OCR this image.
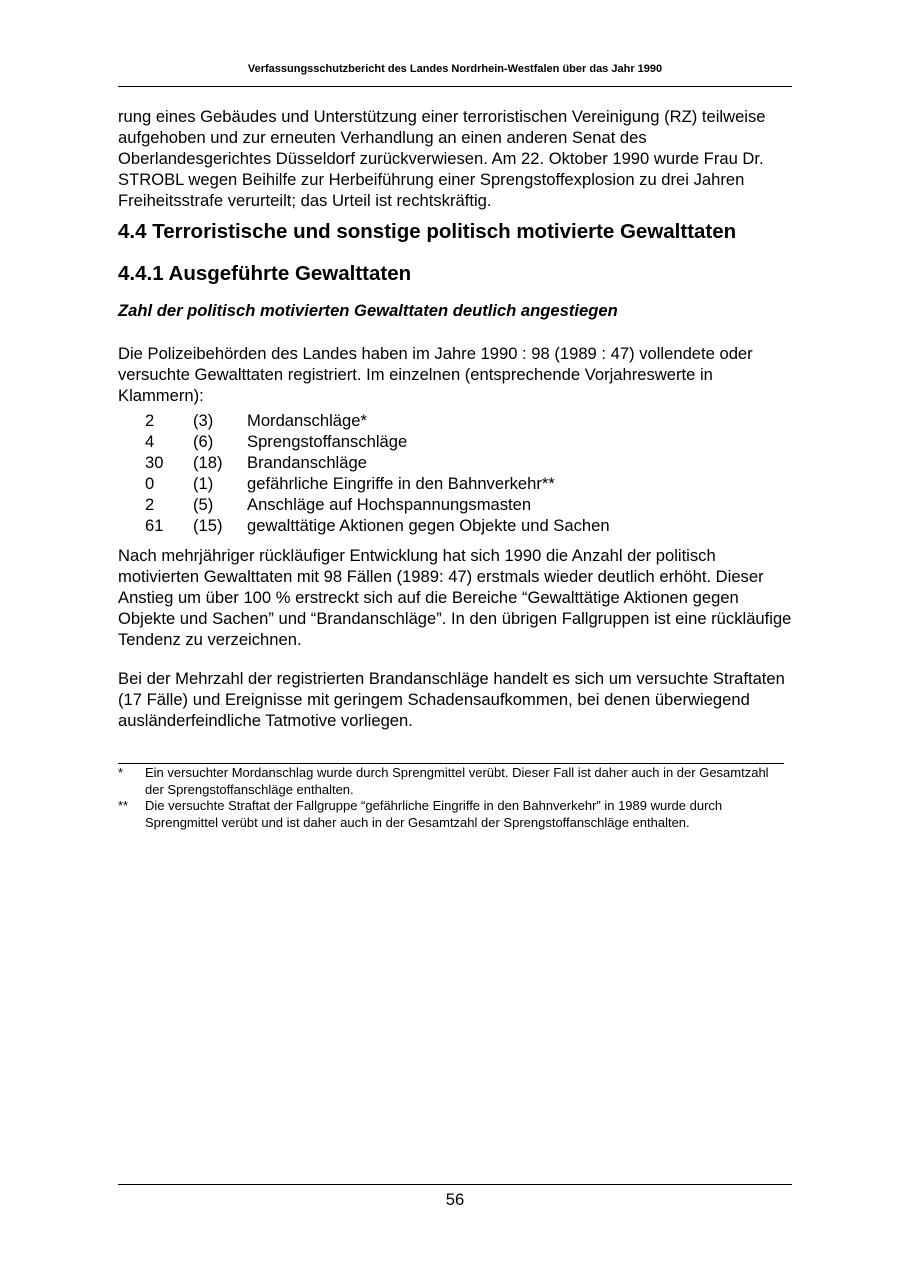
Verfassungsschutzbericht des Landes Nordrhein-Westfalen über das Jahr 1990
rung eines Gebäudes und Unterstützung einer terroristischen Vereinigung (RZ) teilweise aufgehoben und zur erneuten Verhandlung an einen anderen Senat des Oberlandesgerichtes Düsseldorf zurückverwiesen. Am 22. Oktober 1990 wurde Frau Dr. STROBL wegen Beihilfe zur Herbeiführung einer Sprengstoffexplosion zu drei Jahren Freiheitsstrafe verurteilt; das Urteil ist rechtskräftig.
4.4 Terroristische und sonstige politisch motivierte Gewalttaten
4.4.1 Ausgeführte Gewalttaten
Zahl der politisch motivierten Gewalttaten deutlich angestiegen
Die Polizeibehörden des Landes haben im Jahre 1990 : 98 (1989 : 47) vollendete oder versuchte Gewalttaten registriert. Im einzelnen (entsprechende Vorjahreswerte in Klammern):
2	(3)	Mordanschläge*
4	(6)	Sprengstoffanschläge
30	(18)	Brandanschläge
0	(1)	gefährliche Eingriffe in den Bahnverkehr**
2	(5)	Anschläge auf Hochspannungsmasten
61	(15)	gewalttätige Aktionen gegen Objekte und Sachen
Nach mehrjähriger rückläufiger Entwicklung hat sich 1990 die Anzahl der politisch motivierten Gewalttaten mit 98 Fällen (1989: 47) erstmals wieder deutlich erhöht. Dieser Anstieg um über 100 % erstreckt sich auf die Bereiche “Gewalttätige Aktionen gegen Objekte und Sachen” und “Brandanschläge”. In den übrigen Fallgruppen ist eine rückläufige Tendenz zu verzeichnen.
Bei der Mehrzahl der registrierten Brandanschläge handelt es sich um versuchte Straftaten (17 Fälle) und Ereignisse mit geringem Schadensaufkommen, bei denen überwiegend ausländerfeindliche Tatmotive vorliegen.
*	Ein versuchter Mordanschlag wurde durch Sprengmittel verübt. Dieser Fall ist daher auch in der Gesamtzahl der Sprengstoffanschläge enthalten.
**	Die versuchte Straftat der Fallgruppe “gefährliche Eingriffe in den Bahnverkehr” in 1989 wurde durch Sprengmittel verübt und ist daher auch in der Gesamtzahl der Sprengstoffanschläge enthalten.
56
